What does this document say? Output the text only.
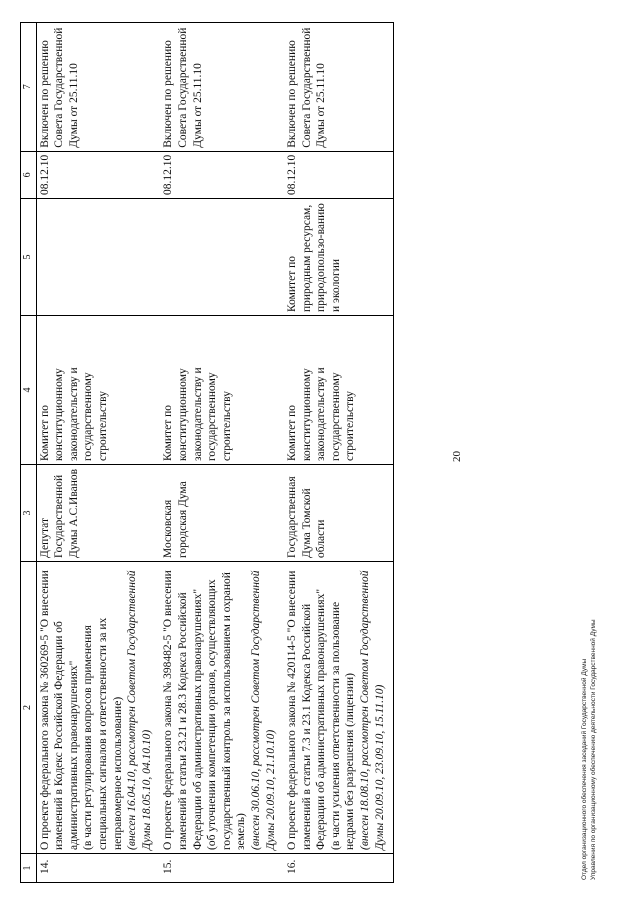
20
1	2	3	4	5	6	7
14.	О проекте федерального закона № 360269-5 "О внесении изменений в Кодекс Российской Федерации об административных правонарушениях" (в части регулирования вопросов применения специальных сигналов и ответственности за их неправомерное использование) (внесен 16.04.10, рассмотрен Советом Государственной Думы 18.05.10, 04.10.10)	Депутат Государственной Думы А.С.Иванов	Комитет по конституционному законодательству и государственному строительству		08.12.10	Включен по решению Совета Государственной Думы от 25.11.10
15.	О проекте федерального закона № 398482-5 "О внесении изменений в статьи 23.21 и 28.3 Кодекса Российской Федерации об административных правонарушениях" (об уточнении компетенции органов, осуществляющих государственный контроль за использованием и охраной земель) (внесен 30.06.10, рассмотрен Советом Государственной Думы 20.09.10, 21.10.10)	Московская городская Дума	Комитет по конституционному законодательству и государственному строительству		08.12.10	Включен по решению Совета Государственной Думы от 25.11.10
16.	О проекте федерального закона № 420114-5 "О внесении изменений в статьи 7.3 и 23.1 Кодекса Российской Федерации об административных правонарушениях" (в части усиления ответственности за пользование недрами без разрешения (лицензии) (внесен 18.08.10, рассмотрен Советом Государственной Думы 20.09.10, 23.09.10, 15.11.10)	Государственная Дума Томской области	Комитет по конституционному законодательству и государственному строительству	Комитет по природным ресурсам, природопользо-ванию и экологии	08.12.10	Включен по решению Совета Государственной Думы от 25.11.10
Отдел организационного обеспечения заседаний Государственной Думы Управления по организационному обеспечению деятельности Государственной Думы
